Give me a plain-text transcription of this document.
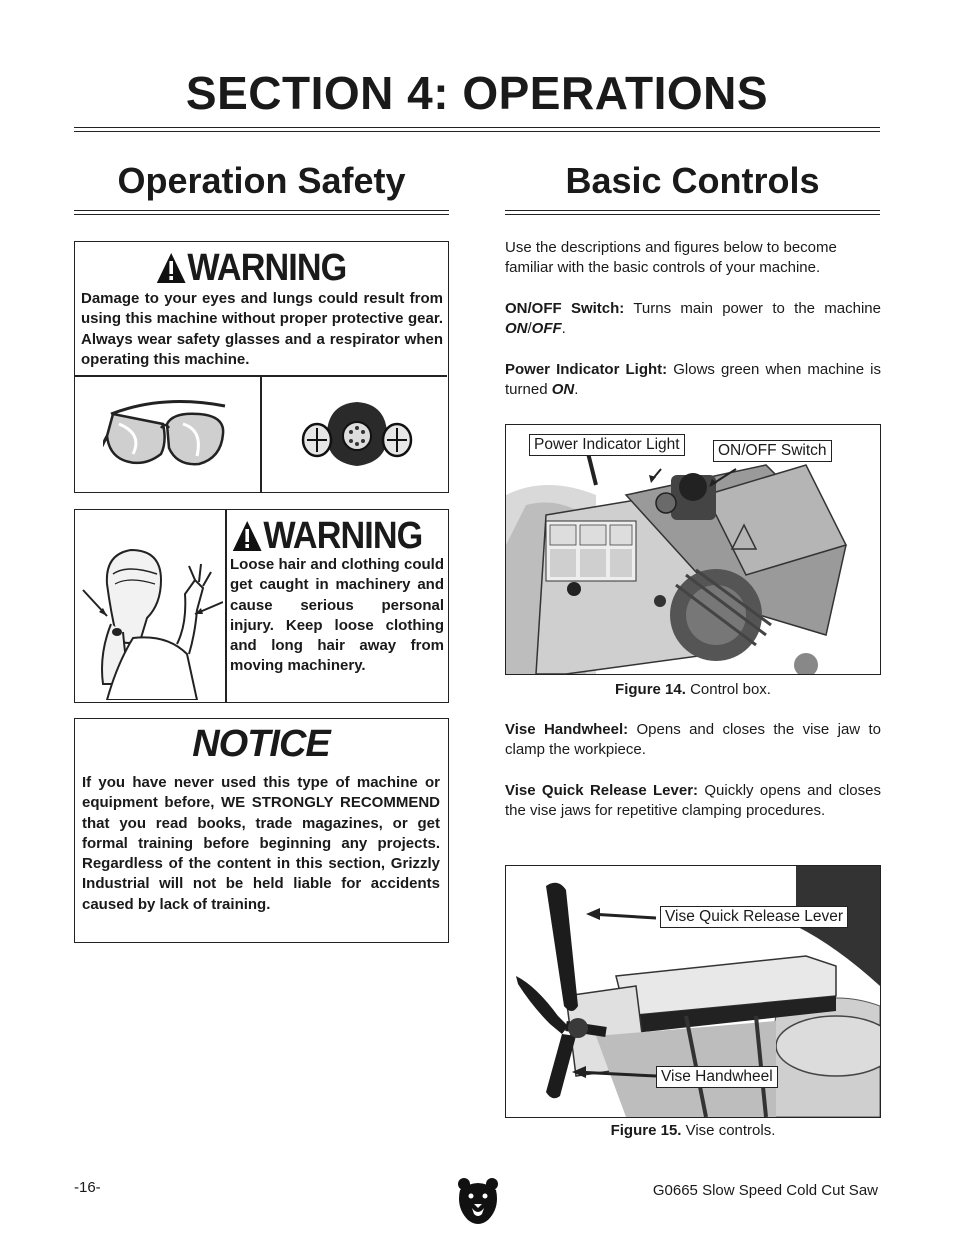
SECTION 4: OPERATIONS
Operation Safety
WARNING
Damage to your eyes and lungs could result from using this machine without proper protective gear. Always wear safety glasses and a respirator when operating this machine.
WARNING
Loose hair and clothing could get caught in machinery and cause serious personal injury. Keep loose clothing and long hair away from moving machinery.
NOTICE
If you have never used this type of machine or equipment before, WE STRONGLY RECOMMEND that you read books, trade magazines, or get formal training before beginning any projects. Regardless of the content in this section, Grizzly Industrial will not be held liable for accidents caused by lack of training.
Basic Controls
Use the descriptions and figures below to become familiar with the basic controls of your machine.
ON/OFF Switch: Turns main power to the machine ON/OFF.
Power Indicator Light: Glows green when machine is turned ON.
Power Indicator Light	ON/OFF Switch
Figure 14. Control box.
Vise Handwheel: Opens and closes the vise jaw to clamp the workpiece.
Vise Quick Release Lever: Quickly opens and closes the vise jaws for repetitive clamping procedures.
Vise Quick Release Lever
Vise Handwheel
Figure 15. Vise controls.
-16-	G0665 Slow Speed Cold Cut Saw
